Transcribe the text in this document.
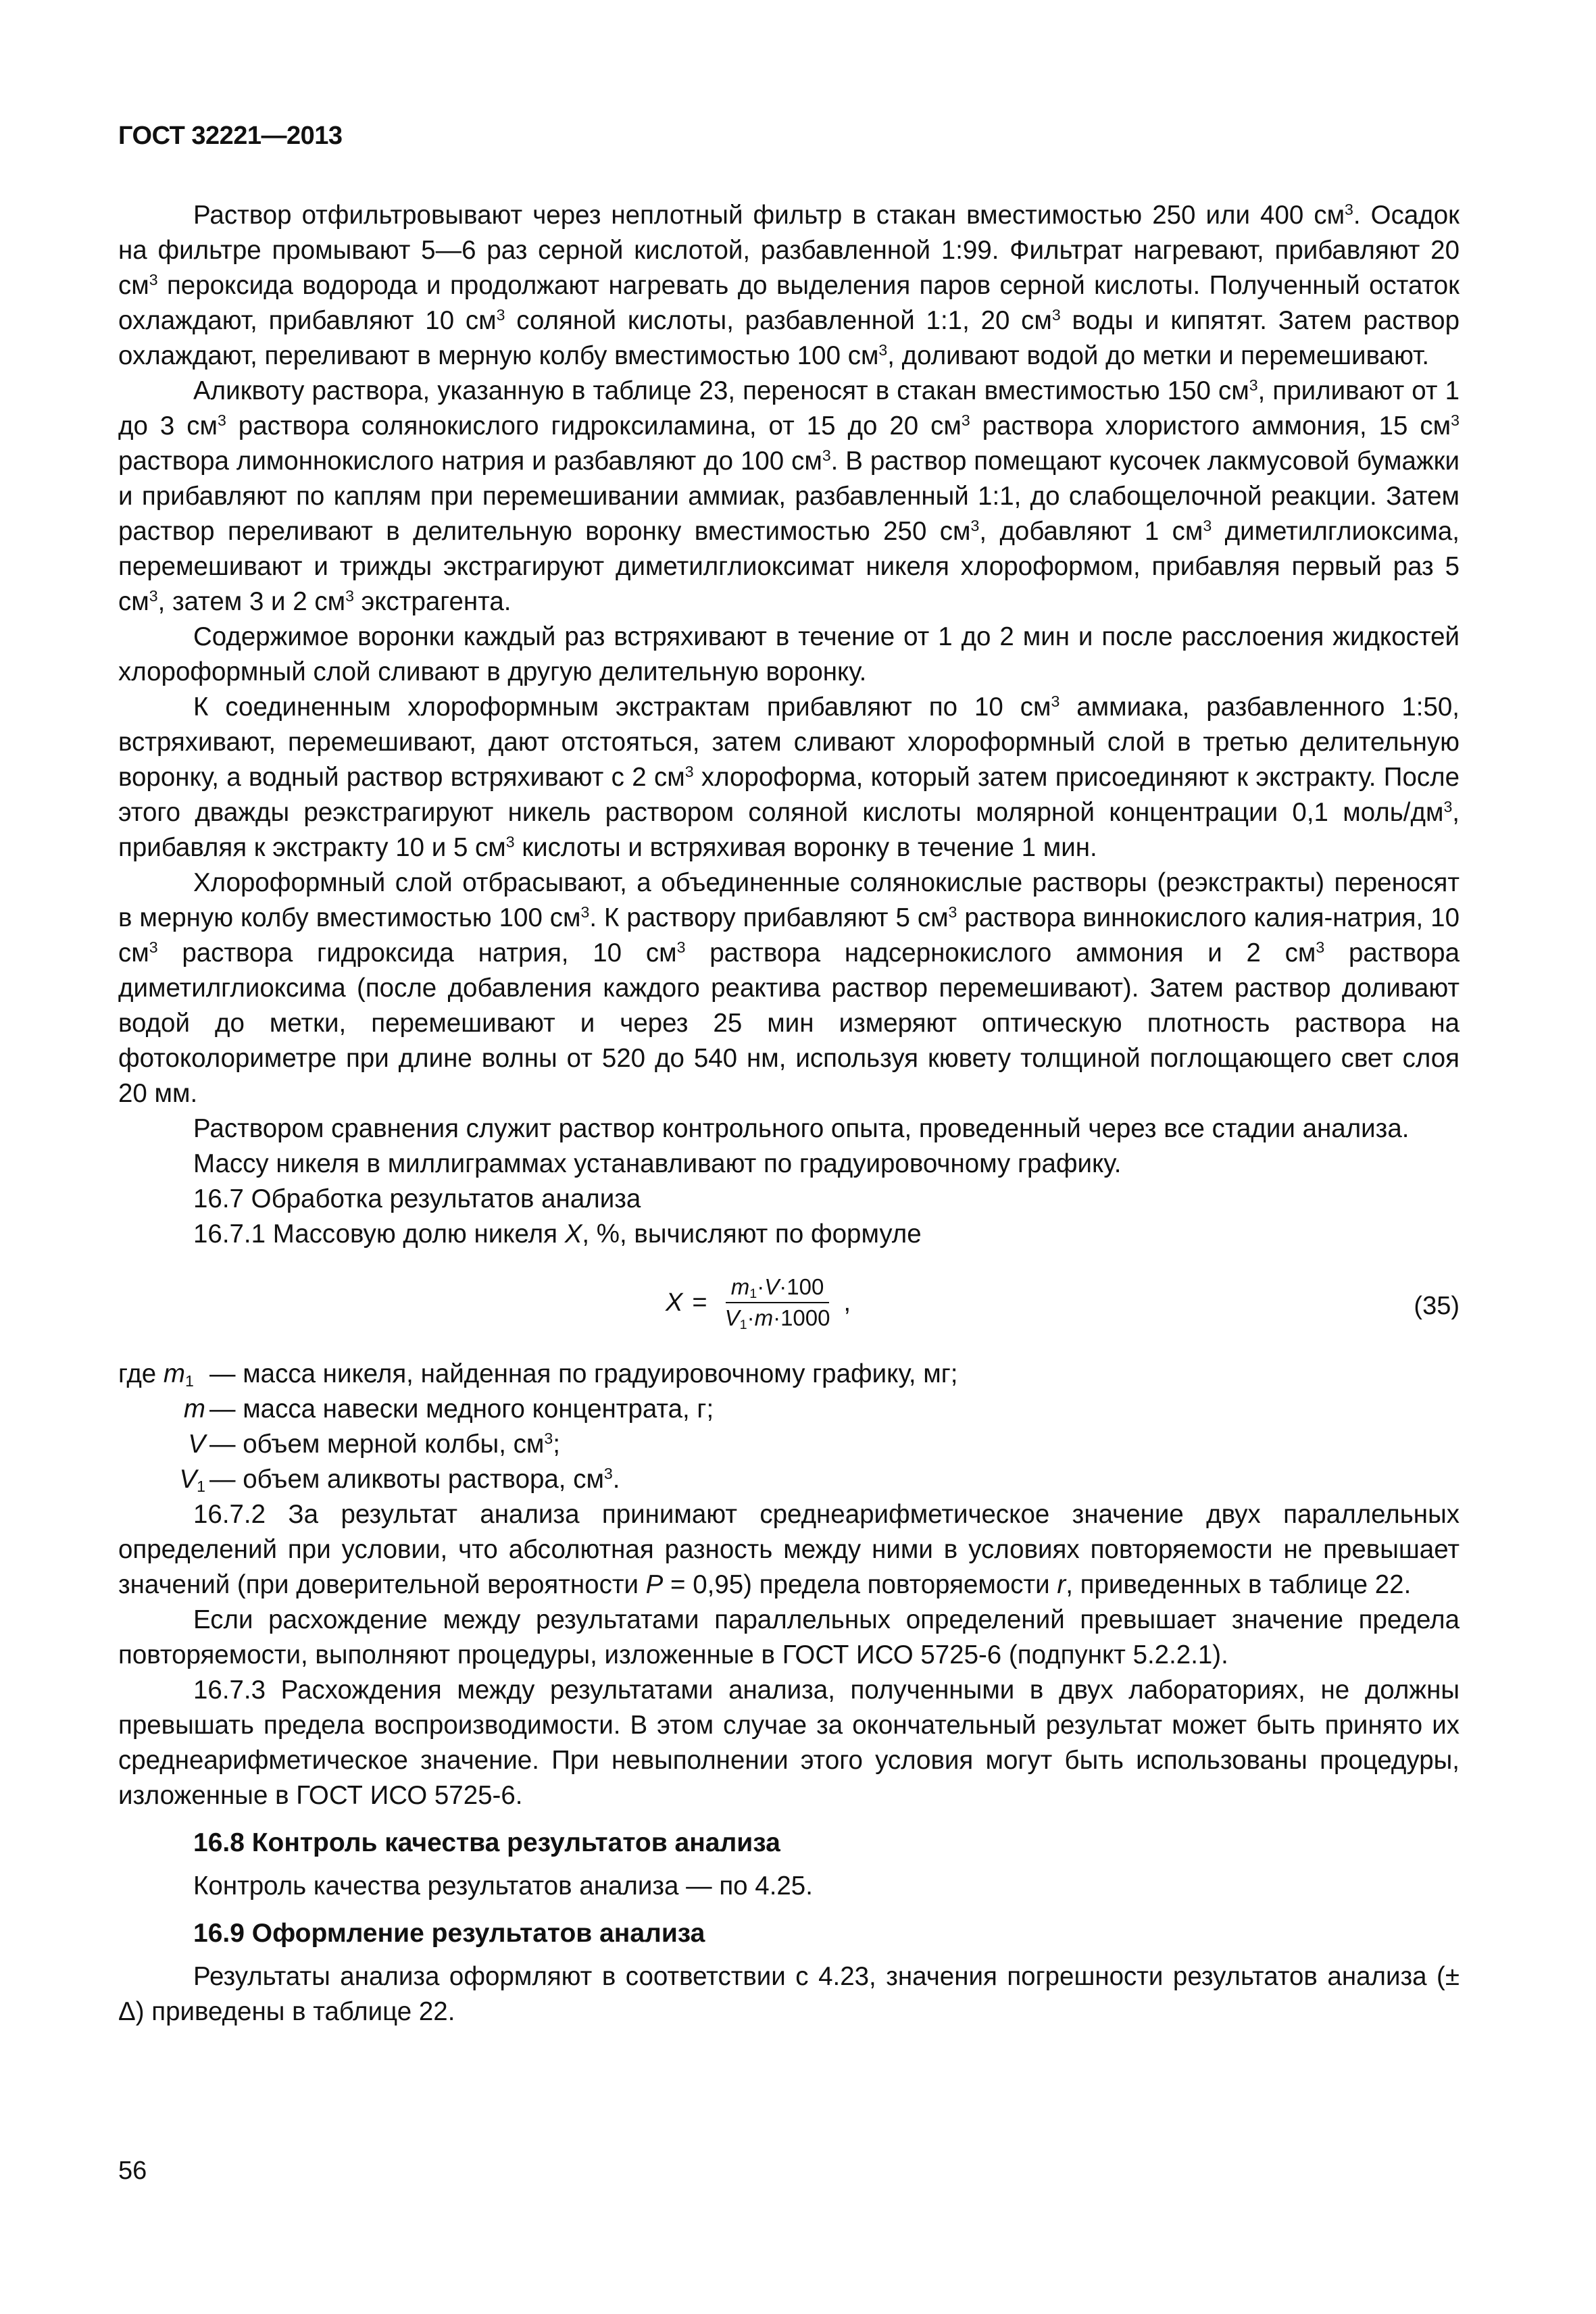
ГОСТ 32221—2013

Раствор отфильтровывают через неплотный фильтр в стакан вместимостью 250 или 400 $см^3$. Осадок на фильтре промывают 5—6 раз серной кислотой, разбавленной 1:99. Фильтрат нагревают, прибавляют 20 $см^3$ пероксида водорода и продолжают нагревать до выделения паров серной кислоты. Полученный остаток охлаждают, прибавляют 10 $см^3$ соляной кислоты, разбавленной 1:1, 20 $см^3$ воды и кипятят. Затем раствор охлаждают, переливают в мерную колбу вместимостью 100 $см^3$, доливают водой до метки и перемешивают.

Аликвоту раствора, указанную в таблице 23, переносят в стакан вместимостью 150 $см^3$, приливают от 1 до 3 $см^3$ раствора солянокислого гидроксиламина, от 15 до 20 $см^3$ раствора хлористого аммония, 15 $см^3$ раствора лимоннокислого натрия и разбавляют до 100 $см^3$. В раствор помещают кусочек лакмусовой бумажки и прибавляют по каплям при перемешивании аммиак, разбавленный 1:1, до слабощелочной реакции. Затем раствор переливают в делительную воронку вместимостью 250 $см^3$, добавляют 1 $см^3$ диметилглиоксима, перемешивают и трижды экстрагируют диметилглиоксимат никеля хлороформом, прибавляя первый раз 5 $см^3$, затем 3 и 2 $см^3$ экстрагента.

Содержимое воронки каждый раз встряхивают в течение от 1 до 2 мин и после расслоения жидкостей хлороформный слой сливают в другую делительную воронку.

К соединенным хлороформным экстрактам прибавляют по 10 $см^3$ аммиака, разбавленного 1:50, встряхивают, перемешивают, дают отстояться, затем сливают хлороформный слой в третью делительную воронку, а водный раствор встряхивают с 2 $см^3$ хлороформа, который затем присоединяют к экстракту. После этого дважды реэкстрагируют никель раствором соляной кислоты молярной концентрации 0,1 моль/$дм^3$, прибавляя к экстракту 10 и 5 $см^3$ кислоты и встряхивая воронку в течение 1 мин.

Хлороформный слой отбрасывают, а объединенные солянокислые растворы (реэкстракты) переносят в мерную колбу вместимостью 100 $см^3$. К раствору прибавляют 5 $см^3$ раствора виннокислого калия-натрия, 10 $см^3$ раствора гидроксида натрия, 10 $см^3$ раствора надсернокислого аммония и 2 $см^3$ раствора диметилглиоксима (после добавления каждого реактива раствор перемешивают). Затем раствор доливают водой до метки, перемешивают и через 25 мин измеряют оптическую плотность раствора на фотоколориметре при длине волны от 520 до 540 нм, используя кювету толщиной поглощающего свет слоя 20 мм.

Раствором сравнения служит раствор контрольного опыта, проведенный через все стадии анализа.

Массу никеля в миллиграммах устанавливают по градуировочному графику.

16.7 Обработка результатов анализа

16.7.1 Массовую долю никеля X, %, вычисляют по формуле

$X = \frac{m_1\cdot V\cdot 100}{V_1\cdot m\cdot 1000}$ ,	(35)
где $m_1$ — масса никеля, найденная по градуировочному графику, мг;
m — масса навески медного концентрата, г;
V — объем мерной колбы, $см^3$;
$V_1$ — объем аликвоты раствора, $см^3$.

16.7.2 За результат анализа принимают среднеарифметическое значение двух параллельных определений при условии, что абсолютная разность между ними в условиях повторяемости не превышает значений (при доверительной вероятности P = 0,95) предела повторяемости r, приведенных в таблице 22.

Если расхождение между результатами параллельных определений превышает значение предела повторяемости, выполняют процедуры, изложенные в ГОСТ ИСО 5725-6 (подпункт 5.2.2.1).

16.7.3 Расхождения между результатами анализа, полученными в двух лабораториях, не должны превышать предела воспроизводимости. В этом случае за окончательный результат может быть принято их среднеарифметическое значение. При невыполнении этого условия могут быть использованы процедуры, изложенные в ГОСТ ИСО 5725-6.

16.8 Контроль качества результатов анализа

Контроль качества результатов анализа — по 4.25.

16.9 Оформление результатов анализа

Результаты анализа оформляют в соответствии с 4.23, значения погрешности результатов анализа (± Δ) приведены в таблице 22.

56
